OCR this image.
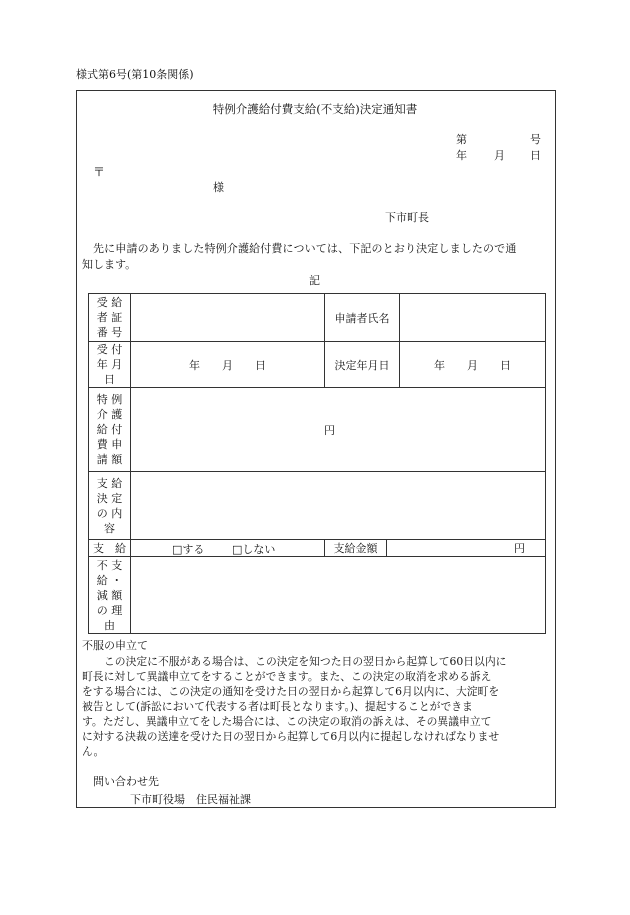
様式第6号(第10条関係)
特例介護給付費支給(不支給)決定通知書
第	号
年 月 日
〒
様
下市町長
先に申請のありました特例介護給付費については、下記のとおり決定しましたので通
知します。
記
受 給
者 証
番 号		申請者氏名		

受 付
年 月
日	年　　月　　日	決定年月日		年　　月　　日

特 例
介 護
給 付
費 申
請 額	円			

支 給
決 定
の 内
容				

支　給	□する □しない	支給金額	円	

不 支
給 ・
減 額
の 理
由				

不服の申立て

この決定に不服がある場合は、この決定を知つた日の翌日から起算して60日以内に

町長に対して異議申立てをすることができます。また、この決定の取消を求める訴え

をする場合には、この決定の通知を受けた日の翌日から起算して6月以内に、大淀町を

被告として(訴訟において代表する者は町長となります。)、提起することができま

す。ただし、異議申立てをした場合には、この決定の取消の訴えは、その異議申立て

に対する決裁の送達を受けた日の翌日から起算して6月以内に提起しなければなりませ

ん。

問い合わせ先
下市町役場　住民福祉課
